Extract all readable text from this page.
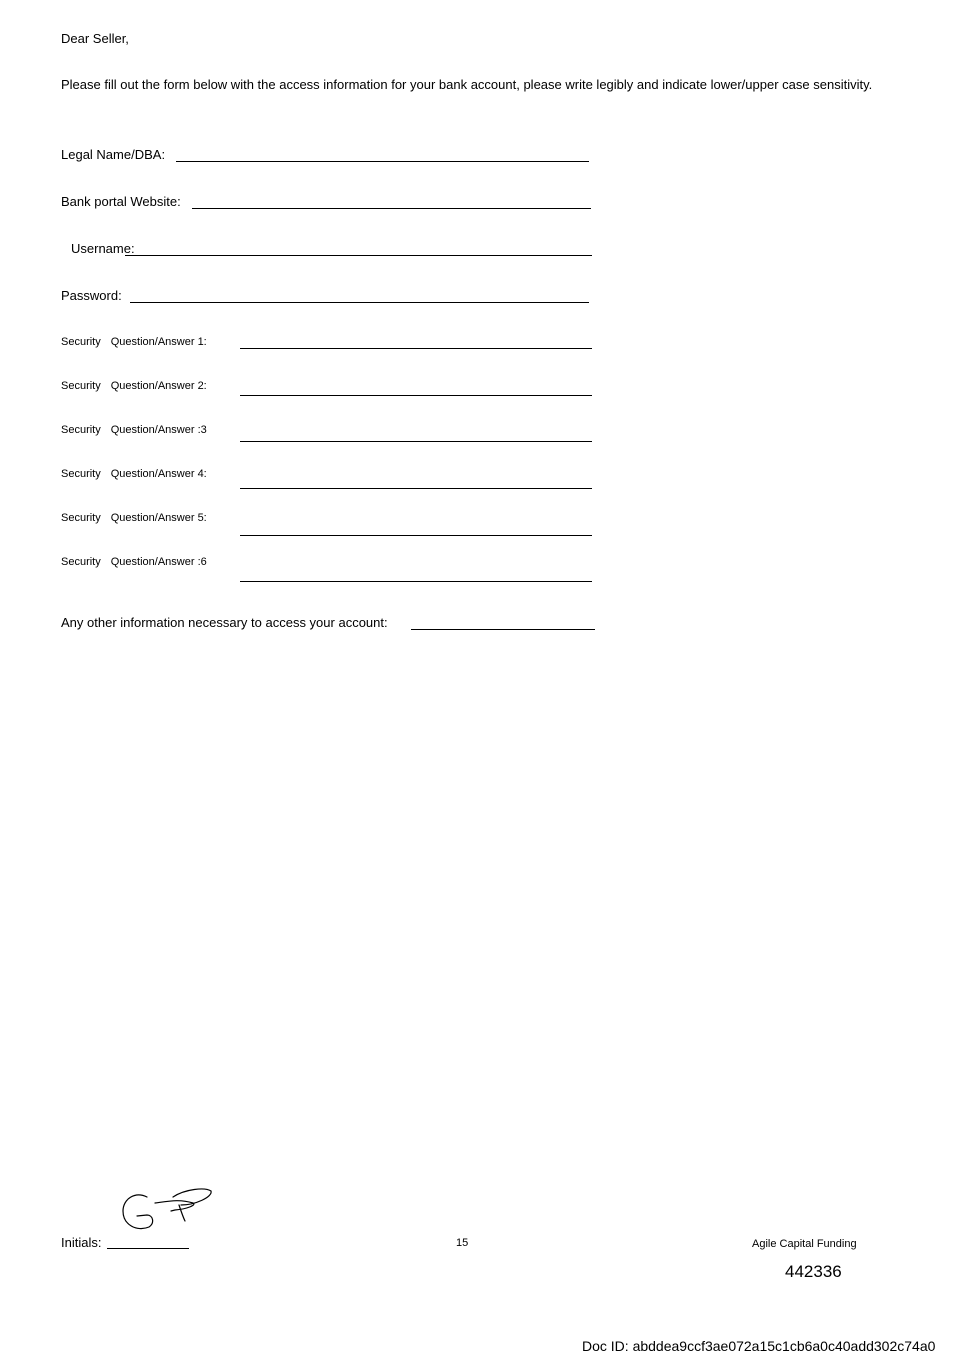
Dear Seller,
Please fill out the form below with the access information for your bank account, please write legibly and indicate lower/upper case sensitivity.
Legal Name/DBA:
Bank portal Website:
Username:
Password:
Security Question/Answer 1:
Security Question/Answer 2:
Security Question/Answer :3
Security Question/Answer 4:
Security Question/Answer 5:
Security Question/Answer :6
Any other information necessary to access your account:
Initials:	15	Agile Capital Funding
442336
Doc ID: abddea9ccf3ae072a15c1cb6a0c40add302c74a0
